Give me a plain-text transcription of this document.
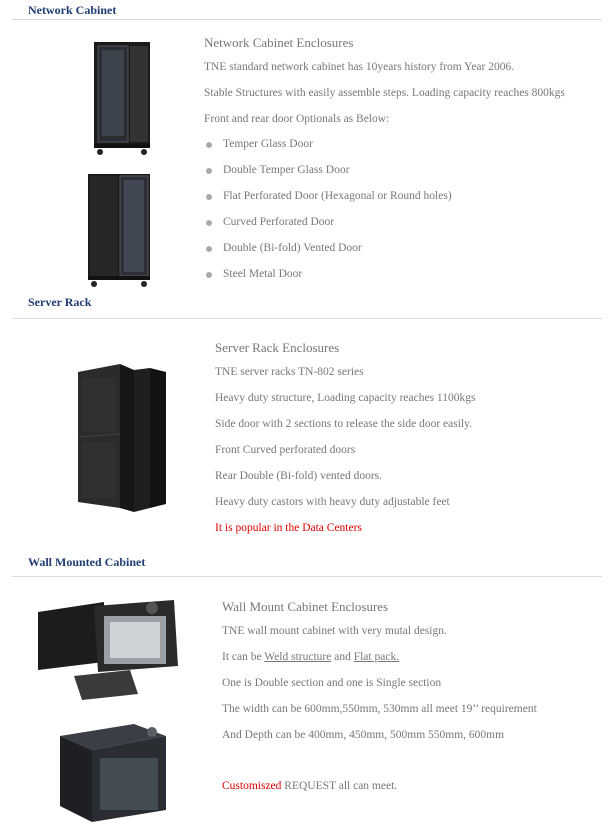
Network Cabinet
Network Cabinet Enclosures
TNE standard network cabinet has 10years history from Year 2006.
Stable Structures with easily assemble steps. Loading capacity reaches 800kgs
Front and rear door Optionals as Below:
Temper Glass Door
Double Temper Glass Door
Flat Perforated Door (Hexagonal or Round holes)
Curved Perforated Door
Double (Bi-fold) Vented Door
Steel Metal Door
Server Rack
Server Rack Enclosures
TNE server racks TN-802 series
Heavy duty structure, Loading capacity reaches 1100kgs
Side door with 2 sections to release the side door easily.
Front Curved perforated doors
Rear Double (Bi-fold) vented doors.
Heavy duty castors with heavy duty adjustable feet
It is popular in the Data Centers
Wall Mounted Cabinet
Wall Mount Cabinet Enclosures
TNE wall mount cabinet with very mutal design.
It can be Weld structure and Flat pack.
One is Double section and one is Single section
The width can be 600mm,550mm, 530mm all meet 19’’ requirement
And Depth can be 400mm, 450mm, 500mm 550mm, 600mm
Customiszed REQUEST all can meet.
